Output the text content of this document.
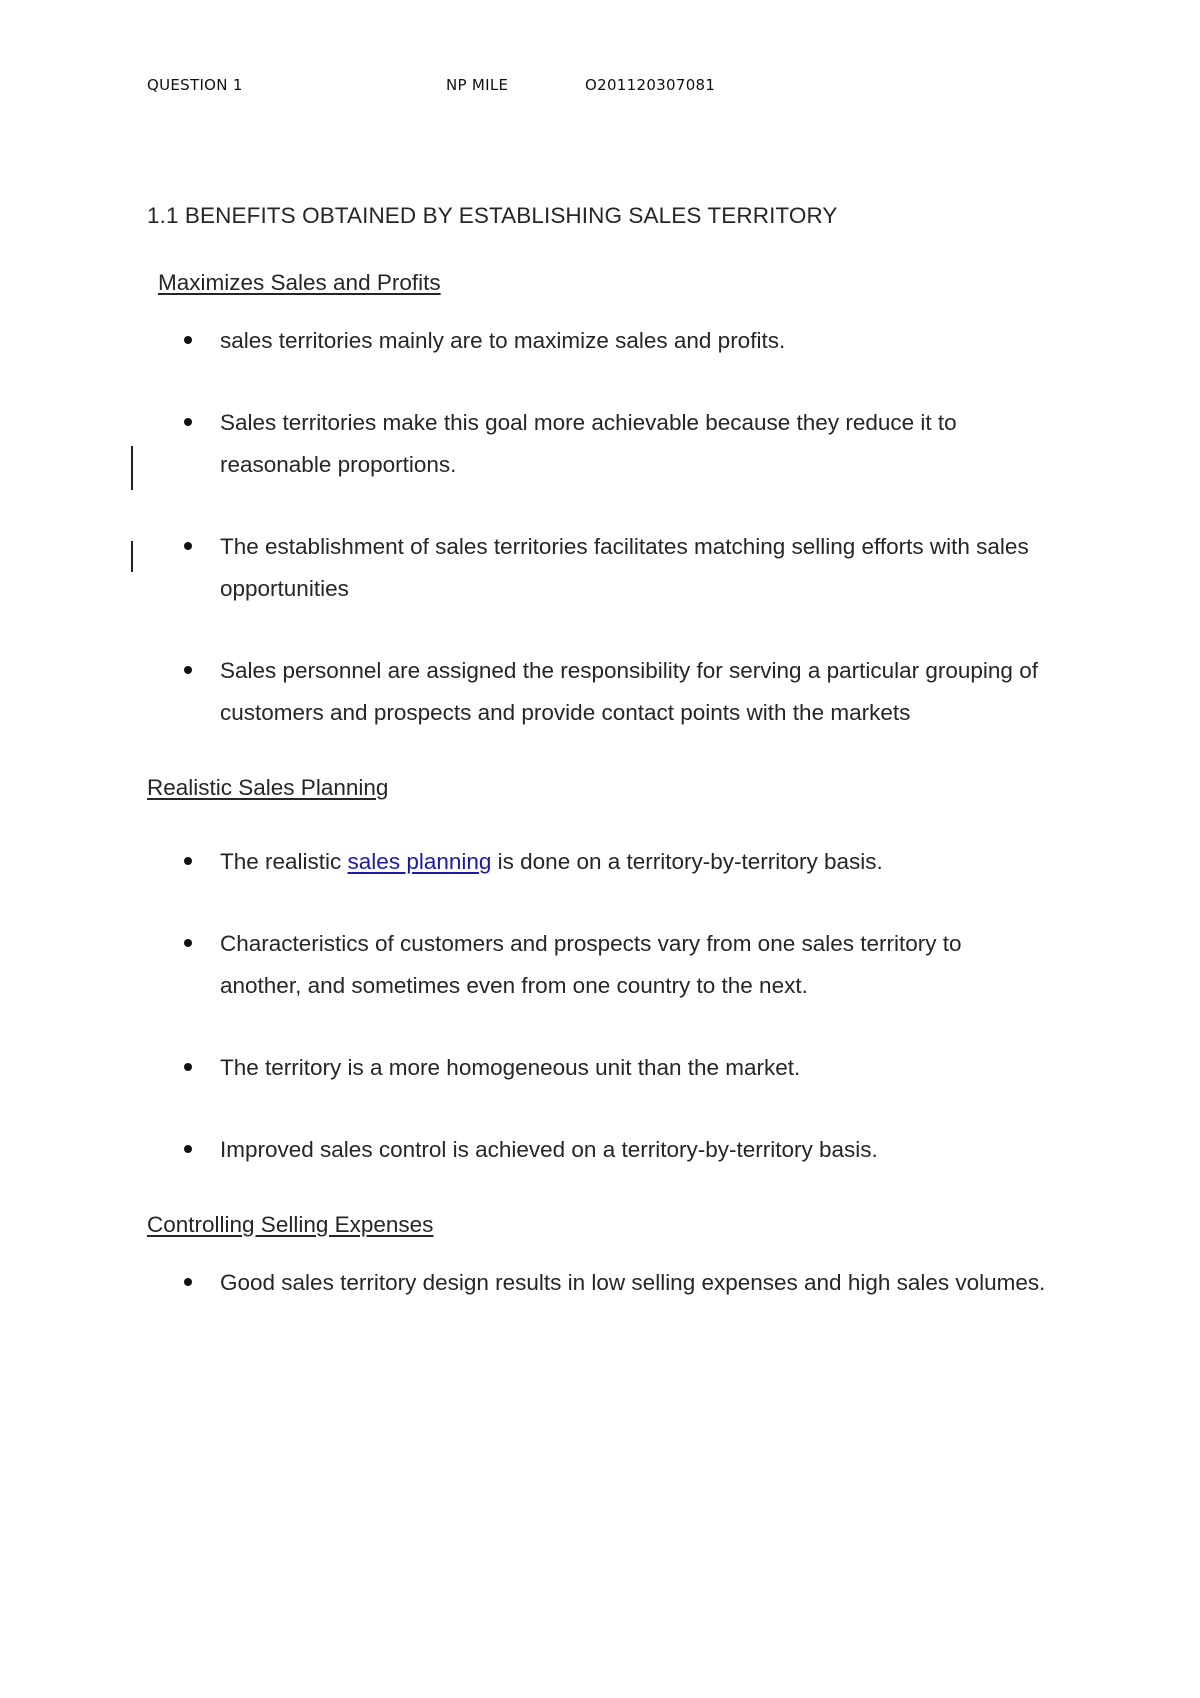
QUESTION 1	NP MILE	O201120307081
1.1 BENEFITS OBTAINED BY ESTABLISHING SALES TERRITORY
Maximizes Sales and Profits
sales territories mainly are to maximize sales and profits.
Sales territories make this goal more achievable because they reduce it to reasonable proportions.
The establishment of sales territories facilitates matching selling efforts with sales opportunities
Sales personnel are assigned the responsibility for serving a particular grouping of customers and prospects and provide contact points with the markets
Realistic Sales Planning
The realistic sales planning is done on a territory-by-territory basis.
Characteristics of customers and prospects vary from one sales territory to another, and sometimes even from one country to the next.
The territory is a more homogeneous unit than the market.
Improved sales control is achieved on a territory-by-territory basis.
Controlling Selling Expenses
Good sales territory design results in low selling expenses and high sales volumes.
